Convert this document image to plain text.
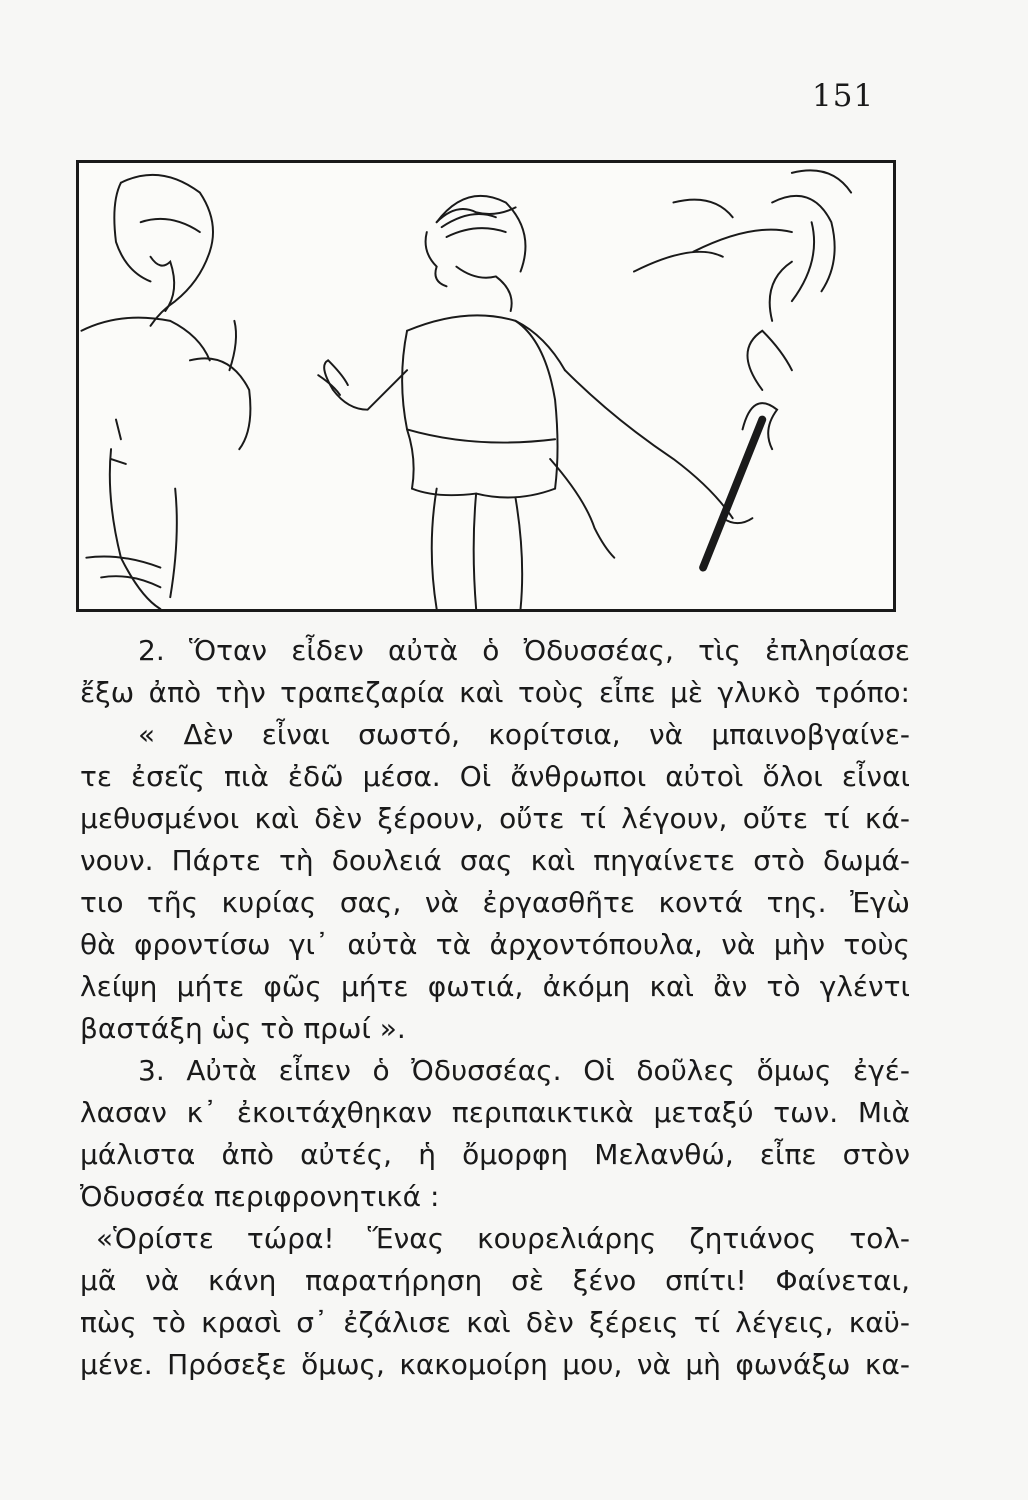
151
2. Ὅταν εἶδεν αὐτὰ ὁ Ὀδυσσέας, τὶς ἐπλησίασε
ἔξω ἀπὸ τὴν τραπεζαρία καὶ τοὺς εἶπε μὲ γλυκὸ τρόπο:
« Δὲν εἶναι σωστό, κορίτσια, νὰ μπαινοβγαίνε-
τε ἐσεῖς πιὰ ἐδῶ μέσα. Οἱ ἄνθρωποι αὐτοὶ ὅλοι εἶναι
μεθυσμένοι καὶ δὲν ξέρουν, οὔτε τί λέγουν, οὔτε τί κά-
νουν. Πάρτε τὴ δουλειά σας καὶ πηγαίνετε στὸ δωμά-
τιο τῆς κυρίας σας, νὰ ἐργασθῆτε κοντά της. Ἐγὼ
θὰ φροντίσω γι᾽ αὐτὰ τὰ ἀρχοντόπουλα, νὰ μὴν τοὺς
λείψη μήτε φῶς μήτε φωτιά, ἀκόμη καὶ ἂν τὸ γλέντι
βαστάξη ὡς τὸ πρωί ».
3. Αὐτὰ εἶπεν ὁ Ὀδυσσέας. Οἱ δοῦλες ὅμως ἐγέ-
λασαν κ᾽ ἐκοιτάχθηκαν περιπαικτικὰ μεταξύ των. Μιὰ
μάλιστα ἀπὸ αὐτές, ἡ ὄμορφη Μελανθώ, εἶπε στὸν
Ὀδυσσέα περιφρονητικά :
«Ὁρίστε τώρα! Ἕνας κουρελιάρης ζητιάνος τολ-
μᾶ νὰ κάνη παρατήρηση σὲ ξένο σπίτι! Φαίνεται,
πὼς τὸ κρασὶ σ᾽ ἐζάλισε καὶ δὲν ξέρεις τί λέγεις, καϋ-
μένε. Πρόσεξε ὅμως, κακομοίρη μου, νὰ μὴ φωνάξω κα-
